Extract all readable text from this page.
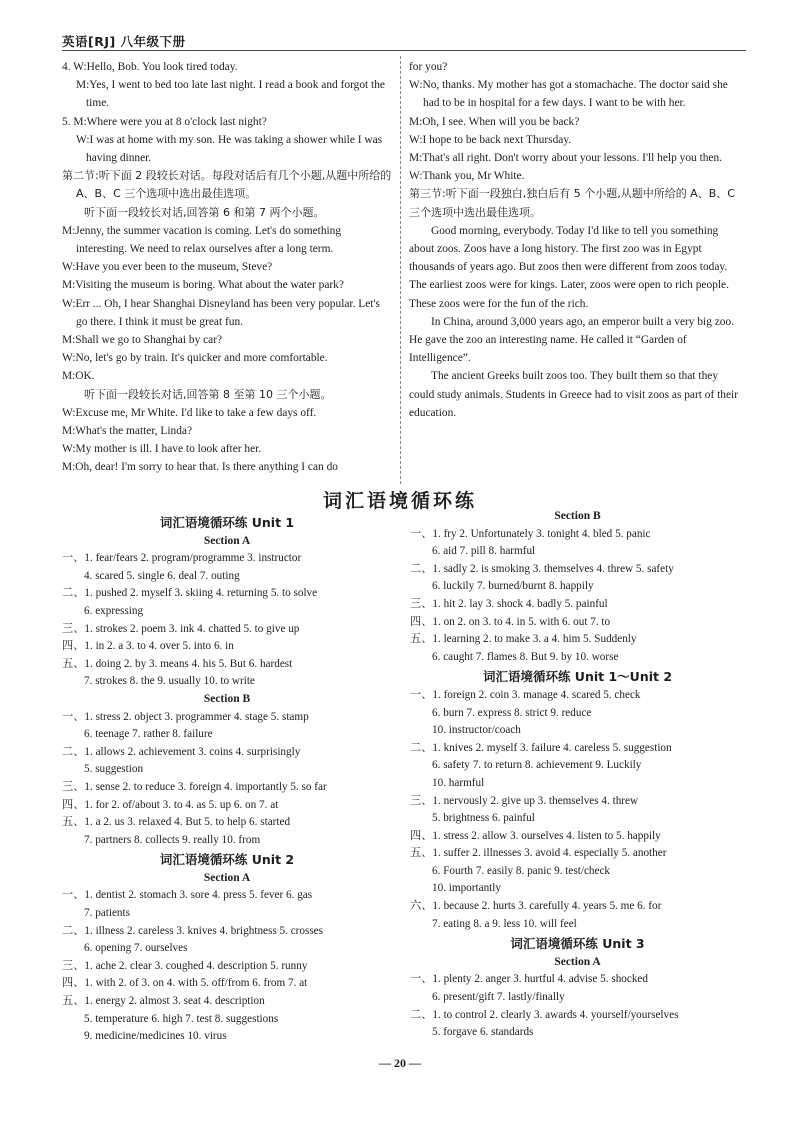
英语[RJ] 八年级下册

4. W:Hello, Bob. You look tired today.

M:Yes, I went to bed too late last night. I read a book and forgot the time.

5. M:Where were you at 8 o'clock last night?

W:I was at home with my son. He was taking a shower while I was having dinner.

第二节:听下面 2 段较长对话。每段对话后有几个小题,从题中所给的 A、B、C 三个选项中选出最佳选项。

听下面一段较长对话,回答第 6 和第 7 两个小题。

M:Jenny, the summer vacation is coming. Let's do something interesting. We need to relax ourselves after a long term.

W:Have you ever been to the museum, Steve?

M:Visiting the museum is boring. What about the water park?

W:Err ... Oh, I hear Shanghai Disneyland has been very popular. Let's go there. I think it must be great fun.

M:Shall we go to Shanghai by car?

W:No, let's go by train. It's quicker and more comfortable.

M:OK.

听下面一段较长对话,回答第 8 至第 10 三个小题。

W:Excuse me, Mr White. I'd like to take a few days off.

M:What's the matter, Linda?

W:My mother is ill. I have to look after her.

M:Oh, dear! I'm sorry to hear that. Is there anything I can do

for you?

W:No, thanks. My mother has got a stomachache. The doctor said she had to be in hospital for a few days. I want to be with her.

M:Oh, I see. When will you be back?

W:I hope to be back next Thursday.

M:That's all right. Don't worry about your lessons. I'll help you then.

W:Thank you, Mr White.

第三节:听下面一段独白,独白后有 5 个小题,从题中所给的 A、B、C 三个选项中选出最佳选项。

Good morning, everybody. Today I'd like to tell you something about zoos. Zoos have a long history. The first zoo was in Egypt thousands of years ago. But zoos then were different from zoos today. The earliest zoos were for kings. Later, zoos were open to rich people. These zoos were for the fun of the rich.

In China, around 3,000 years ago, an emperor built a very big zoo. He gave the zoo an interesting name. He called it “Garden of Intelligence”.

The ancient Greeks built zoos too. They built them so that they could study animals. Students in Greece had to visit zoos as part of their education.

词汇语境循环练

词汇语境循环练 Unit 1

Section A

一、1. fear/fears 2. program/programme 3. instructor

4. scared 5. single 6. deal 7. outing

二、1. pushed 2. myself 3. skiing 4. returning 5. to solve

6. expressing

三、1. strokes 2. poem 3. ink 4. chatted 5. to give up

四、1. in 2. a 3. to 4. over 5. into 6. in

五、1. doing 2. by 3. means 4. his 5. But 6. hardest

7. strokes 8. the 9. usually 10. to write

Section B

一、1. stress 2. object 3. programmer 4. stage 5. stamp

6. teenage 7. rather 8. failure

二、1. allows 2. achievement 3. coins 4. surprisingly

5. suggestion

三、1. sense 2. to reduce 3. foreign 4. importantly 5. so far

四、1. for 2. of/about 3. to 4. as 5. up 6. on 7. at

五、1. a 2. us 3. relaxed 4. But 5. to help 6. started

7. partners 8. collects 9. really 10. from

词汇语境循环练 Unit 2

Section A

一、1. dentist 2. stomach 3. sore 4. press 5. fever 6. gas

7. patients

二、1. illness 2. careless 3. knives 4. brightness 5. crosses

6. opening 7. ourselves

三、1. ache 2. clear 3. coughed 4. description 5. runny

四、1. with 2. of 3. on 4. with 5. off/from 6. from 7. at

五、1. energy 2. almost 3. seat 4. description

5. temperature 6. high 7. test 8. suggestions

9. medicine/medicines 10. virus

Section B

一、1. fry 2. Unfortunately 3. tonight 4. bled 5. panic

6. aid 7. pill 8. harmful

二、1. sadly 2. is smoking 3. themselves 4. threw 5. safety

6. luckily 7. burned/burnt 8. happily

三、1. hit 2. lay 3. shock 4. badly 5. painful

四、1. on 2. on 3. to 4. in 5. with 6. out 7. to

五、1. learning 2. to make 3. a 4. him 5. Suddenly

6. caught 7. flames 8. But 9. by 10. worse

词汇语境循环练 Unit 1～Unit 2

一、1. foreign 2. coin 3. manage 4. scared 5. check

6. burn 7. express 8. strict 9. reduce

10. instructor/coach

二、1. knives 2. myself 3. failure 4. careless 5. suggestion

6. safety 7. to return 8. achievement 9. Luckily

10. harmful

三、1. nervously 2. give up 3. themselves 4. threw

5. brightness 6. painful

四、1. stress 2. allow 3. ourselves 4. listen to 5. happily

五、1. suffer 2. illnesses 3. avoid 4. especially 5. another

6. Fourth 7. easily 8. panic 9. test/check

10. importantly

六、1. because 2. hurts 3. carefully 4. years 5. me 6. for

7. eating 8. a 9. less 10. will feel

词汇语境循环练 Unit 3

Section A

一、1. plenty 2. anger 3. hurtful 4. advise 5. shocked

6. present/gift 7. lastly/finally

二、1. to control 2. clearly 3. awards 4. yourself/yourselves

5. forgave 6. standards

— 20 —
